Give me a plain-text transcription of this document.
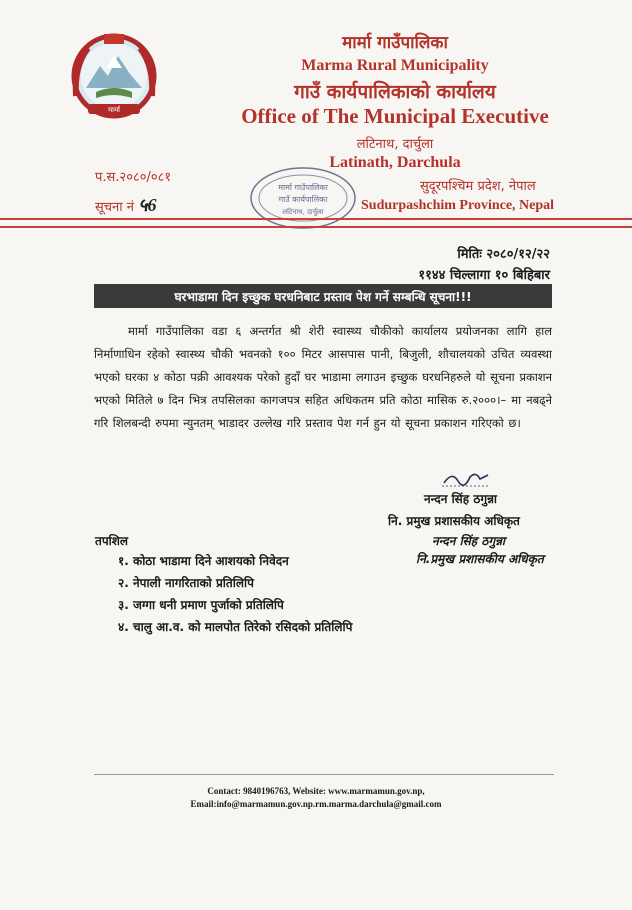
मार्मा
मार्मा गाउँपालिका
Marma Rural Municipality
गाउँ कार्यपालिकाको कार्यालय
Office of The Municipal Executive
लटिनाथ, दार्चुला
Latinath, Darchula
प.स.२०८०/०८१
सूचना नं ५6
सुदूरपश्चिम प्रदेश, नेपाल
Sudurpashchim Province, Nepal
मार्मा गाउँपालिका
गाउँ कार्यपालिका
लटिनाथ, दार्चुला
मितिः २०८०/१२/२२
११४४ चिल्लागा १० बिहिबार
घरभाडामा दिन इच्छुक घरधनिबाट प्रस्ताव पेश गर्ने सम्बन्धि सूचना!!!
मार्मा गाउँपालिका वडा ६ अन्तर्गत श्री शेरी स्वास्थ्य चौकीको कार्यालय प्रयोजनका लागि हाल निर्माणाधिन रहेको स्वास्थ्य चौकी भवनको १०० मिटर आसपास पानी, बिजुली, शौचालयको उचित व्यवस्था भएको घरका ४ कोठा पक्री आवश्यक परेको हुदाँ घर भाडामा लगाउन इच्छुक घरधनिहरुले यो सूचना प्रकाशन भएको मितिले ७ दिन भित्र तपसिलका कागजपत्र सहित अधिकतम प्रति कोठा मासिक रु.२०००।– मा नबढ्ने गरि शिलबन्दी रुपमा न्युनतम् भाडादर उल्लेख गरि प्रस्ताव पेश गर्न हुन यो सूचना प्रकाशन गरिएको छ।
नन्दन सिंह ठगुन्ना
नि. प्रमुख प्रशासकीय अधिकृत
नन्दन सिंह ठगुन्ना
नि.प्रमुख प्रशासकीय अधिकृत
तपशिल
१. कोठा भाडामा दिने आशयको निवेदन
२. नेपाली नागरिताको प्रतिलिपि
३. जग्गा धनी प्रमाण पुर्जाको प्रतिलिपि
४. चालु आ.व. को मालपोत तिरेको रसिदको प्रतिलिपि
Contact: 9840196763, Website: www.marmamun.gov.np,
Email:info@marmamun.gov.np.rm.marma.darchula@gmail.com
